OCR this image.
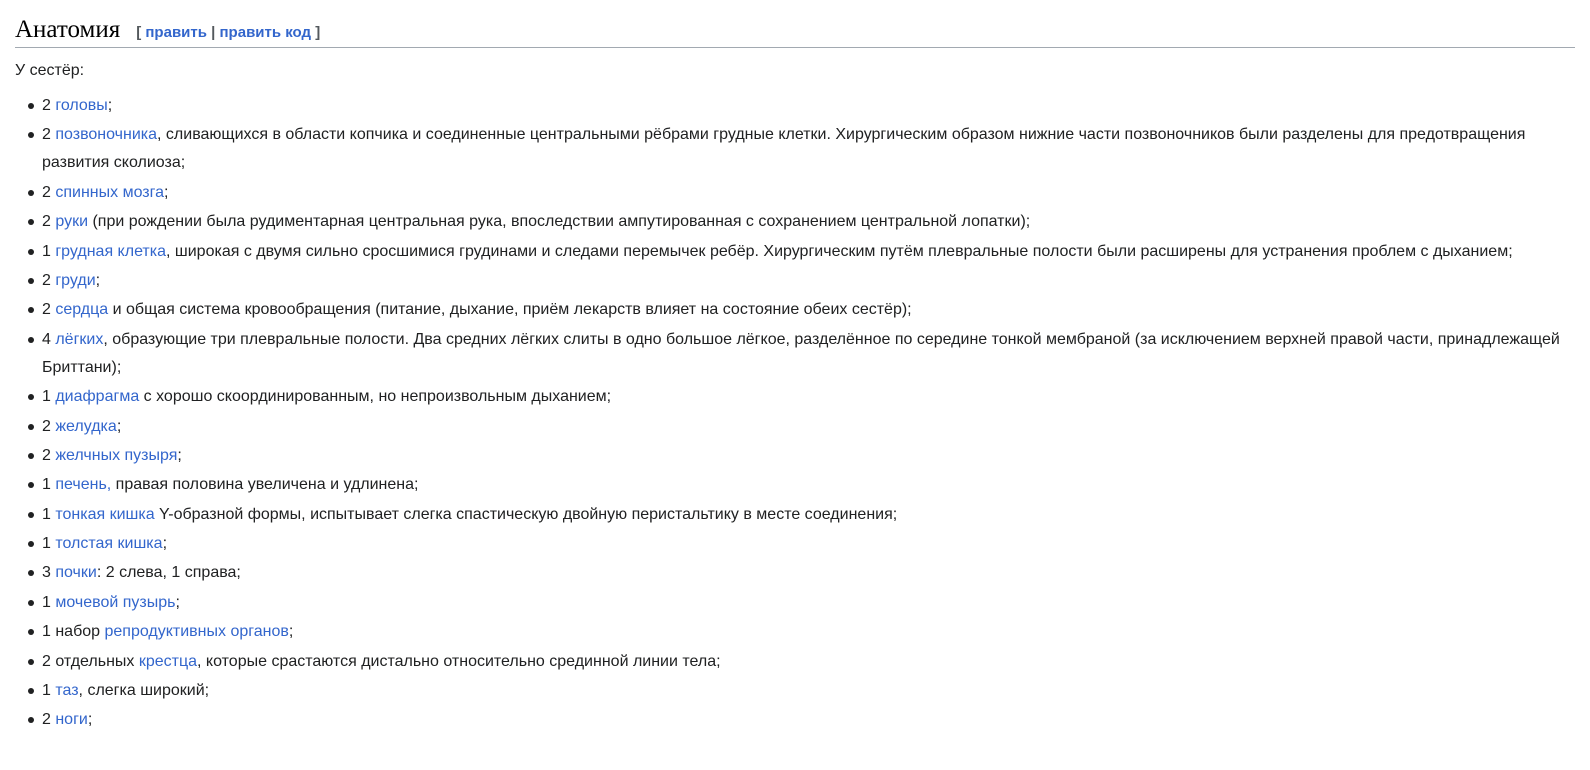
Анатомия [ править | править код ]

У сестёр:

2 головы;
2 позвоночника, сливающихся в области копчика и соединенные центральными рёбрами грудные клетки. Хирургическим образом нижние части позвоночников были разделены для предотвращения развития сколиоза;
2 спинных мозга;
2 руки (при рождении была рудиментарная центральная рука, впоследствии ампутированная с сохранением центральной лопатки);
1 грудная клетка, широкая с двумя сильно сросшимися грудинами и следами перемычек ребёр. Хирургическим путём плевральные полости были расширены для устранения проблем с дыханием;
2 груди;
2 сердца и общая система кровообращения (питание, дыхание, приём лекарств влияет на состояние обеих сестёр);
4 лёгких, образующие три плевральные полости. Два средних лёгких слиты в одно большое лёгкое, разделённое по середине тонкой мембраной (за исключением верхней правой части, принадлежащей Бриттани);
1 диафрагма с хорошо скоординированным, но непроизвольным дыханием;
2 желудка;
2 желчных пузыря;
1 печень, правая половина увеличена и удлинена;
1 тонкая кишка Y-образной формы, испытывает слегка спастическую двойную перистальтику в месте соединения;
1 толстая кишка;
3 почки: 2 слева, 1 справа;
1 мочевой пузырь;
1 набор репродуктивных органов;
2 отдельных крестца, которые срастаются дистально относительно срединной линии тела;
1 таз, слегка широкий;
2 ноги;
